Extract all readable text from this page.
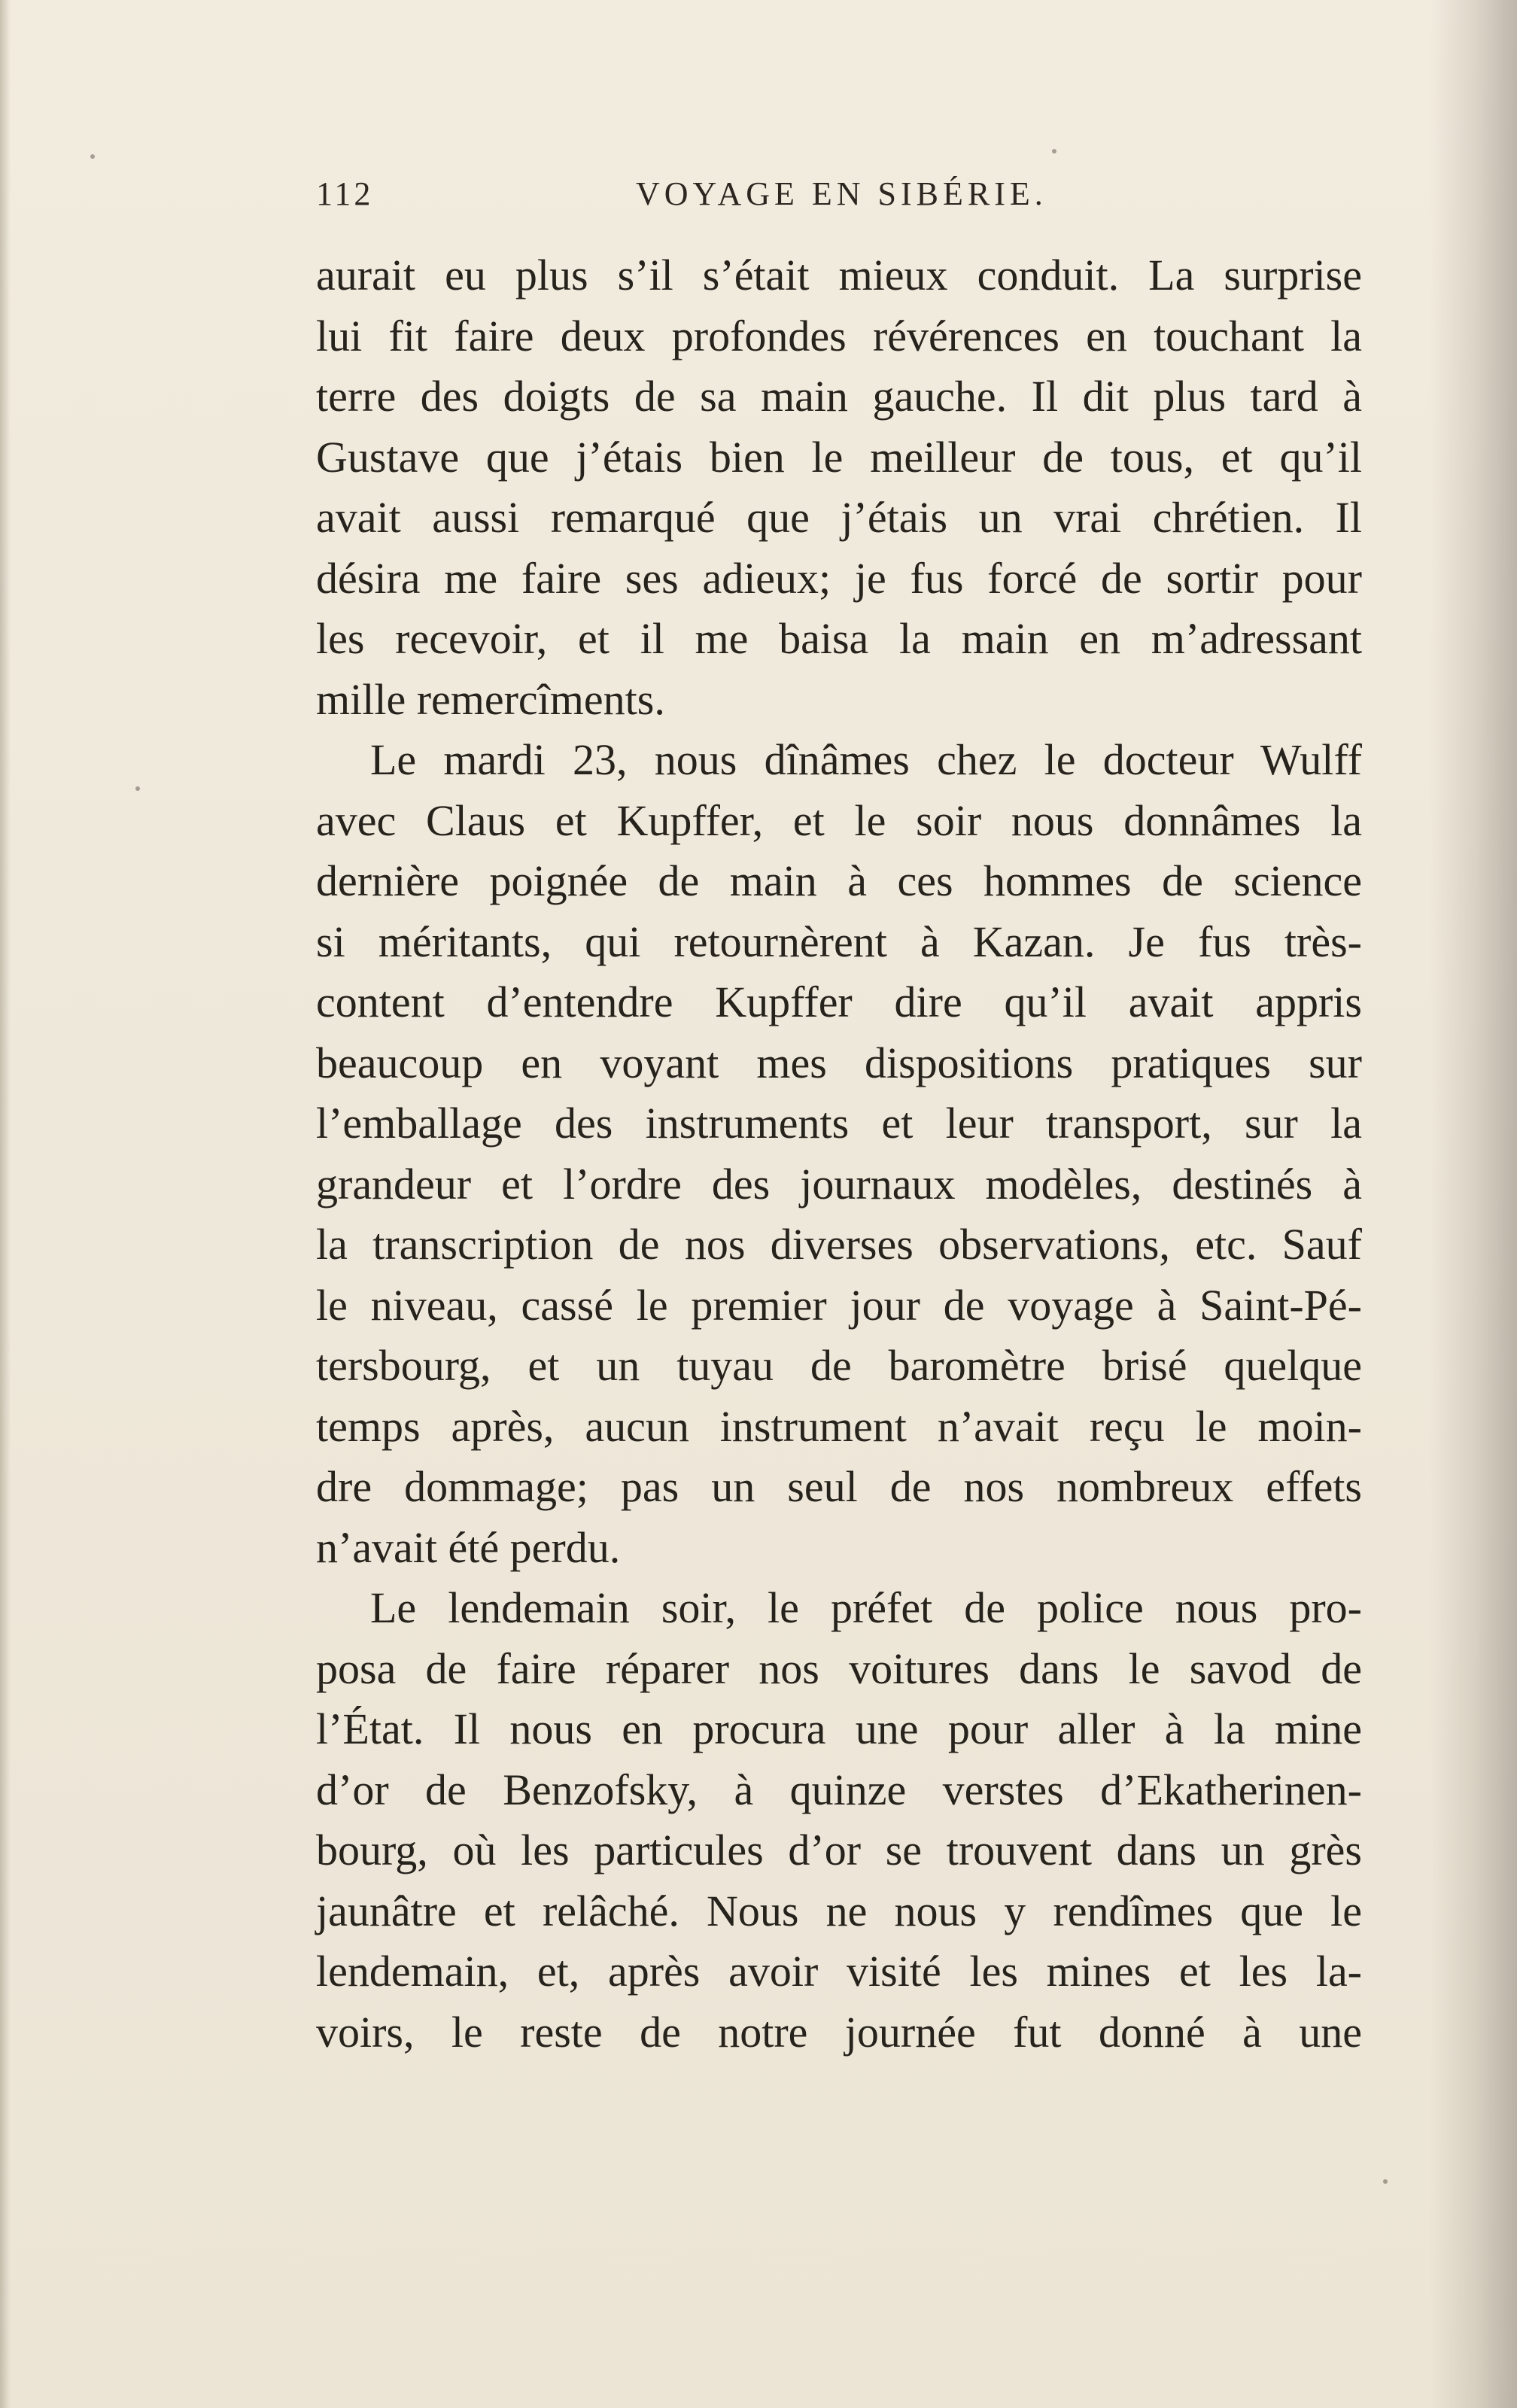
112	VOYAGE EN SIBÉRIE.
aurait eu plus s’il s’était mieux conduit. La surprise
lui fit faire deux profondes révérences en touchant la
terre des doigts de sa main gauche. Il dit plus tard à
Gustave que j’étais bien le meilleur de tous, et qu’il
avait aussi remarqué que j’étais un vrai chrétien. Il
désira me faire ses adieux; je fus forcé de sortir pour
les recevoir, et il me baisa la main en m’adressant
mille remercîments.
Le mardi 23, nous dînâmes chez le docteur Wulff
avec Claus et Kupffer, et le soir nous donnâmes la
dernière poignée de main à ces hommes de science
si méritants, qui retournèrent à Kazan. Je fus très-
content d’entendre Kupffer dire qu’il avait appris
beaucoup en voyant mes dispositions pratiques sur
l’emballage des instruments et leur transport, sur la
grandeur et l’ordre des journaux modèles, destinés à
la transcription de nos diverses observations, etc. Sauf
le niveau, cassé le premier jour de voyage à Saint-Pé-
tersbourg, et un tuyau de baromètre brisé quelque
temps après, aucun instrument n’avait reçu le moin-
dre dommage; pas un seul de nos nombreux effets
n’avait été perdu.
Le lendemain soir, le préfet de police nous pro-
posa de faire réparer nos voitures dans le savod de
l’État. Il nous en procura une pour aller à la mine
d’or de Benzofsky, à quinze verstes d’Ekatherinen-
bourg, où les particules d’or se trouvent dans un grès
jaunâtre et relâché. Nous ne nous y rendîmes que le
lendemain, et, après avoir visité les mines et les la-
voirs, le reste de notre journée fut donné à une
